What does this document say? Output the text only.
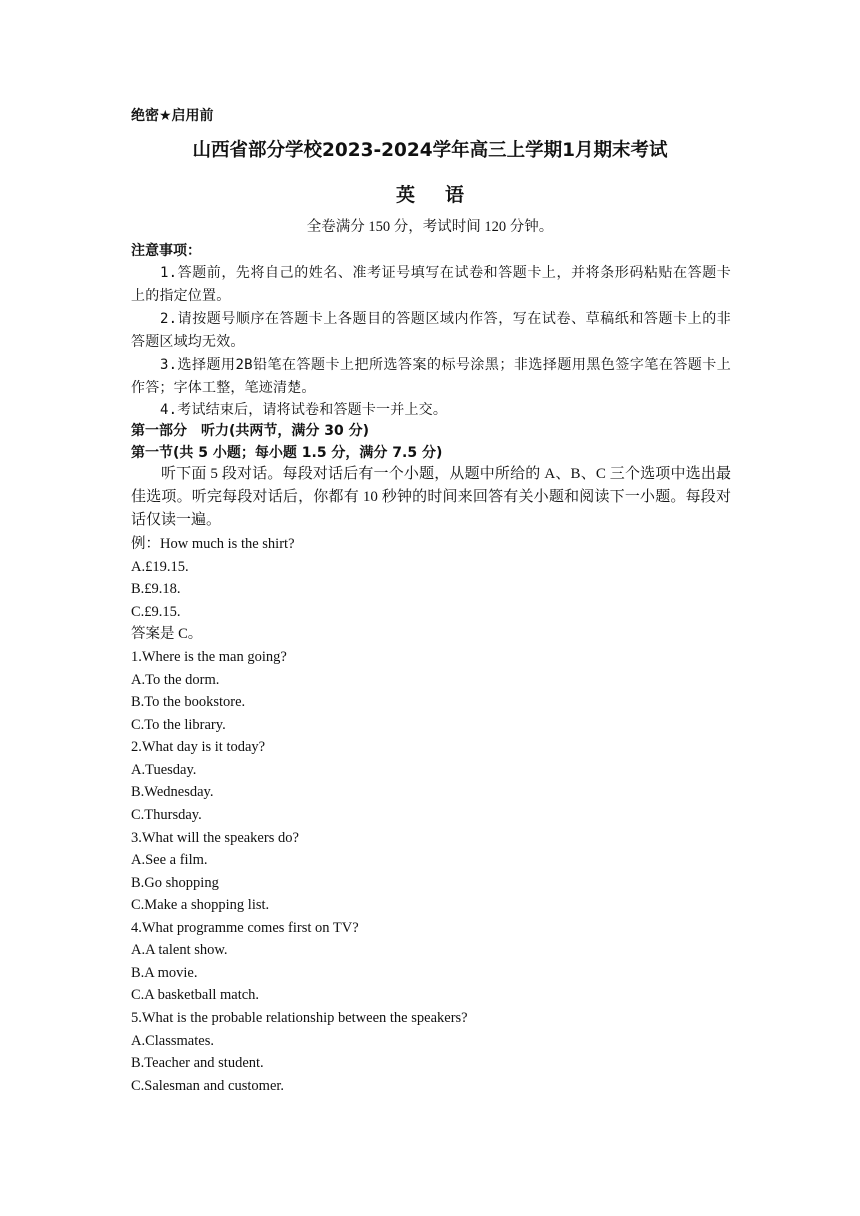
绝密★启用前
山西省部分学校2023-2024学年高三上学期1月期末考试
英语
全卷满分 150 分，考试时间 120 分钟。
注意事项：
1.答题前，先将自己的姓名、准考证号填写在试卷和答题卡上，并将条形码粘贴在答题卡上的指定位置。
2.请按题号顺序在答题卡上各题目的答题区域内作答，写在试卷、草稿纸和答题卡上的非答题区域均无效。
3.选择题用2B铅笔在答题卡上把所选答案的标号涂黑；非选择题用黑色签字笔在答题卡上作答；字体工整，笔迹清楚。
4.考试结束后，请将试卷和答题卡一并上交。
第一部分　听力(共两节，满分 30 分)
第一节(共 5 小题；每小题 1.5 分，满分 7.5 分)
听下面 5 段对话。每段对话后有一个小题，从题中所给的 A、B、C 三个选项中选出最佳选项。听完每段对话后，你都有 10 秒钟的时间来回答有关小题和阅读下一小题。每段对话仅读一遍。
例：How much is the shirt?
A.£19.15.
B.£9.18.
C.£9.15.
答案是 C。
1.Where is the man going?
A.To the dorm.
B.To the bookstore.
C.To the library.
2.What day is it today?
A.Tuesday.
B.Wednesday.
C.Thursday.
3.What will the speakers do?
A.See a film.
B.Go shopping
C.Make a shopping list.
4.What programme comes first on TV?
A.A talent show.
B.A movie.
C.A basketball match.
5.What is the probable relationship between the speakers?
A.Classmates.
B.Teacher and student.
C.Salesman and customer.
